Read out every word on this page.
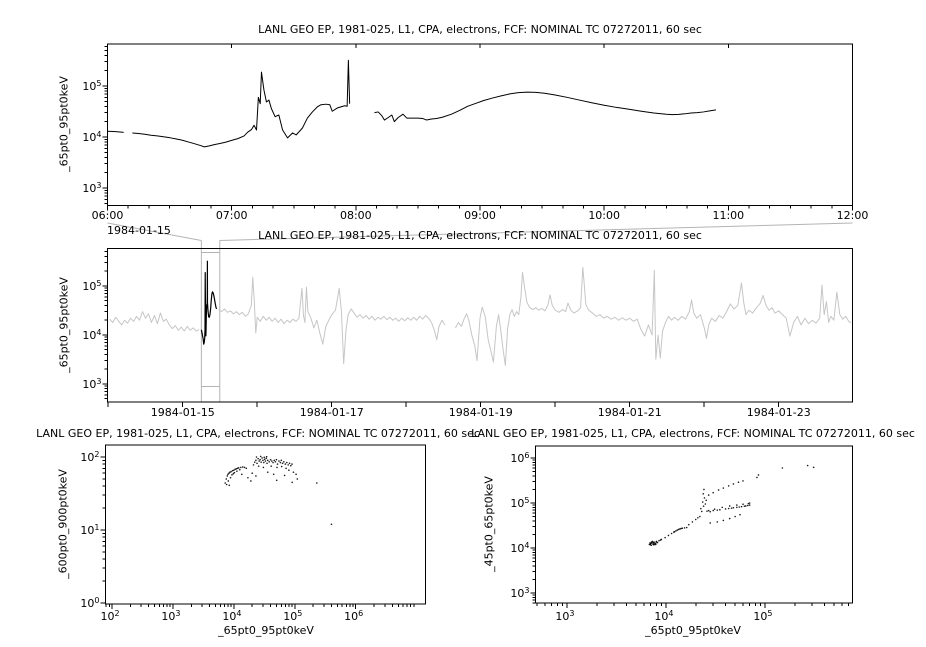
$10^3$
$10^4$
$10^5$
06:00	07:00	08:00	09:00	10:00	11:00	12:00
$10^3$
$10^4$
$10^5$
1984-01-15	1984-01-17	1984-01-19	1984-01-21	1984-01-23
$10^0$
$10^1$
$10^2$
$10^2$	$10^3$	$10^4$	$10^5$	$10^6$
$10^3$
$10^4$
$10^5$
$10^6$
$10^3$	$10^4$	$10^5$
LANL GEO EP, 1981-025, L1, CPA, electrons, FCF: NOMINAL TC 07272011, 60 sec
LANL GEO EP, 1981-025, L1, CPA, electrons, FCF: NOMINAL TC 07272011, 60 sec
LANL GEO EP, 1981-025, L1, CPA, electrons, FCF: NOMINAL TC 07272011, 60 sec
LANL GEO EP, 1981-025, L1, CPA, electrons, FCF: NOMINAL TC 07272011, 60 sec
_65pt0_95pt0keV
_65pt0_95pt0keV
_600pt0_900pt0keV	_45pt0_65pt0keV
_65pt0_95pt0keV	_65pt0_95pt0keV
1984-01-15
